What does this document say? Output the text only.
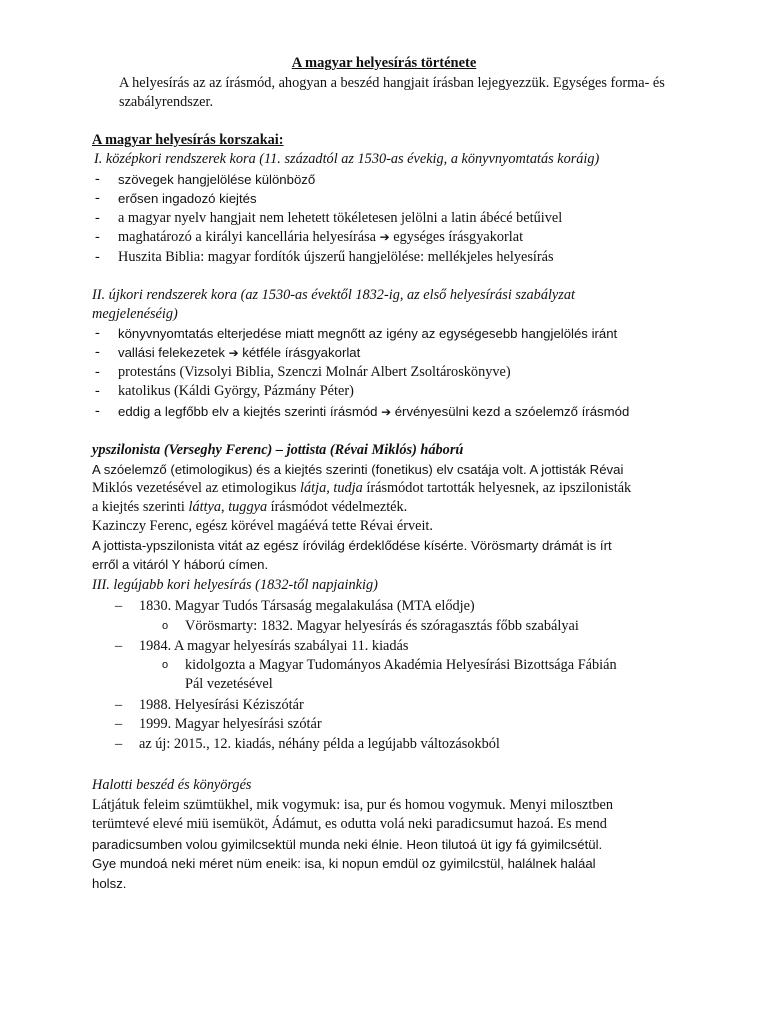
A magyar helyesírás története
A helyesírás az az írásmód, ahogyan a beszéd hangjait írásban lejegyezzük. Egységes forma- és szabályrendszer.
A magyar helyesírás korszakai:
I. középkori rendszerek kora (11. századtól az 1530-as évekig, a könyvnyomtatás koráig)
- szövegek hangjelölése különböző
- erősen ingadozó kiejtés
- a magyar nyelv hangjait nem lehetett tökéletesen jelölni a latin ábécé betűivel
- maghatározó a királyi kancellária helyesírása ➔ egységes írásgyakorlat
- Huszita Biblia: magyar fordítók újszerű hangjelölése: mellékjeles helyesírás
II. újkori rendszerek kora (az 1530-as évektől 1832-ig, az első helyesírási szabályzat megjelenéséig)
- könyvnyomtatás elterjedése miatt megnőtt az igény az egységesebb hangjelölés iránt
- vallási felekezetek ➔ kétféle írásgyakorlat
- protestáns (Vizsolyi Biblia, Szenczi Molnár Albert Zsoltároskönyve)
- katolikus (Káldi György, Pázmány Péter)
- eddig a legfőbb elv a kiejtés szerinti írásmód ➔ érvényesülni kezd a szóelemző írásmód
ypszilonista (Verseghy Ferenc) – jottista (Révai Miklós) háború
A szóelemző (etimologikus) és a kiejtés szerinti (fonetikus) elv csatája volt. A jottisták Révai
Miklós vezetésével az etimologikus látja, tudja írásmódot tartották helyesnek, az ipszilonisták
a kiejtés szerinti láttya, tuggya írásmódot védelmezték.
Kazinczy Ferenc, egész körével magáévá tette Révai érveit.
A jottista-ypszilonista vitát az egész íróvilág érdeklődése kísérte. Vörösmarty drámát is írt
erről a vitáról Y háború címen.
III. legújabb kori helyesírás (1832-től napjainkig)
– 1830. Magyar Tudós Társaság megalakulása (MTA elődje)
o Vörösmarty: 1832. Magyar helyesírás és szóragasztás főbb szabályai
– 1984. A magyar helyesírás szabályai 11. kiadás
o kidolgozta a Magyar Tudományos Akadémia Helyesírási Bizottsága Fábián
Pál vezetésével
– 1988. Helyesírási Kéziszótár
– 1999. Magyar helyesírási szótár
– az új: 2015., 12. kiadás, néhány példa a legújabb változásokból
Halotti beszéd és könyörgés
Látjátuk feleim szümtükhel, mik vogymuk: isa, pur és homou vogymuk. Menyi milosztben
terümtevé elevé miü isemüköt, Ádámut, es odutta volá neki paradicsumut hazoá. Es mend
paradicsumben volou gyimilcsektül munda neki élnie. Heon tilutoá üt igy fá gyimilcsétül.
Gye mundoá neki méret nüm eneik: isa, ki nopun emdül oz gyimilcstül, halálnek haláal
holsz.
